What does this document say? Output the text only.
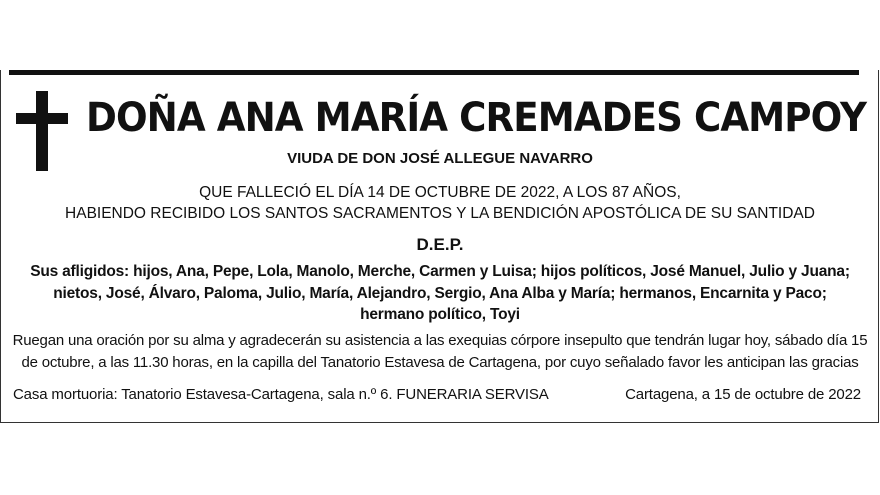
DOÑA ANA MARÍA CREMADES CAMPOY
VIUDA DE DON JOSÉ ALLEGUE NAVARRO
QUE FALLECIÓ EL DÍA 14 DE OCTUBRE DE 2022, A LOS 87 AÑOS,
HABIENDO RECIBIDO LOS SANTOS SACRAMENTOS Y LA BENDICIÓN APOSTÓLICA DE SU SANTIDAD
D.E.P.
Sus afligidos: hijos, Ana, Pepe, Lola, Manolo, Merche, Carmen y Luisa; hijos políticos, José Manuel, Julio y Juana; nietos, José, Álvaro, Paloma, Julio, María, Alejandro, Sergio, Ana Alba y María; hermanos, Encarnita y Paco; hermano político, Toyi
Ruegan una oración por su alma y agradecerán su asistencia a las exequias córpore insepulto que tendrán lugar hoy, sábado día 15 de octubre, a las 11.30 horas, en la capilla del Tanatorio Estavesa de Cartagena, por cuyo señalado favor les anticipan las gracias
Casa mortuoria: Tanatorio Estavesa-Cartagena, sala n.º 6. FUNERARIA SERVISA	Cartagena, a 15 de octubre de 2022
